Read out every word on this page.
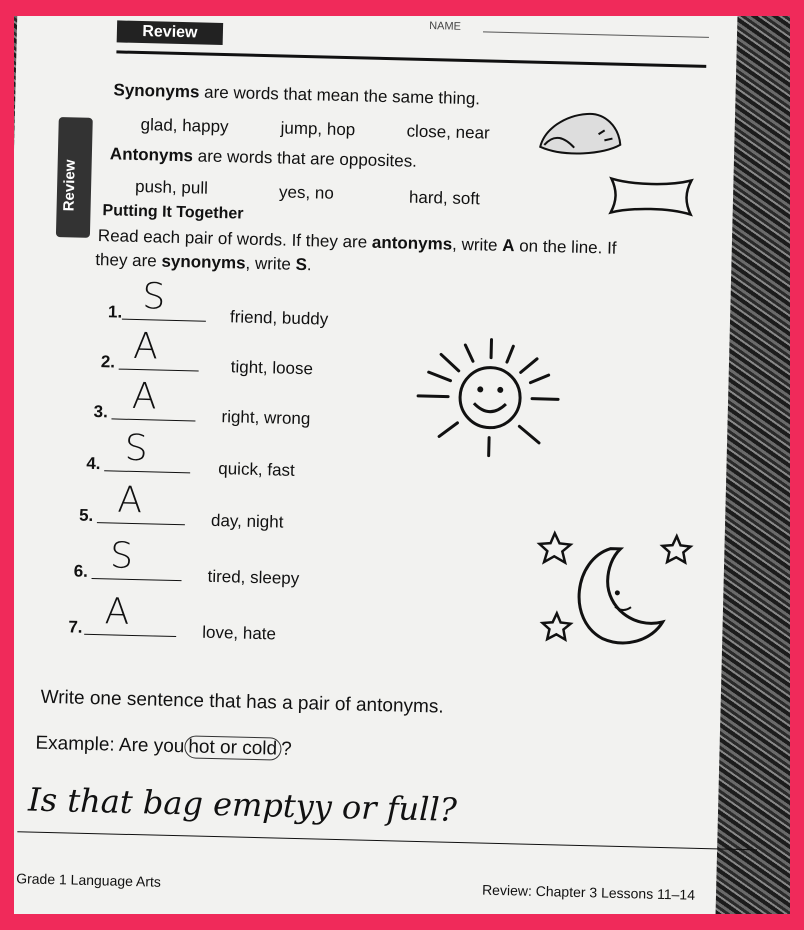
Review	NAME
Review
Synonyms are words that mean the same thing.
glad, happy	jump, hop	close, near
Antonyms are words that are opposites.
push, pull	yes, no	hard, soft
Putting It Together
Read each pair of words. If they are antonyms, write A on the line. If
they are synonyms, write S.
1. S
friend, buddy
2. A
tight, loose
3. A
right, wrong
4. S
quick, fast
5. A
day, night
6. S
tired, sleepy
7. A
love, hate
Write one sentence that has a pair of antonyms.
Example: Are you hot or cold ?
Is that bag emptyy or full?
Grade 1 Language Arts
Review: Chapter 3 Lessons 11–14
